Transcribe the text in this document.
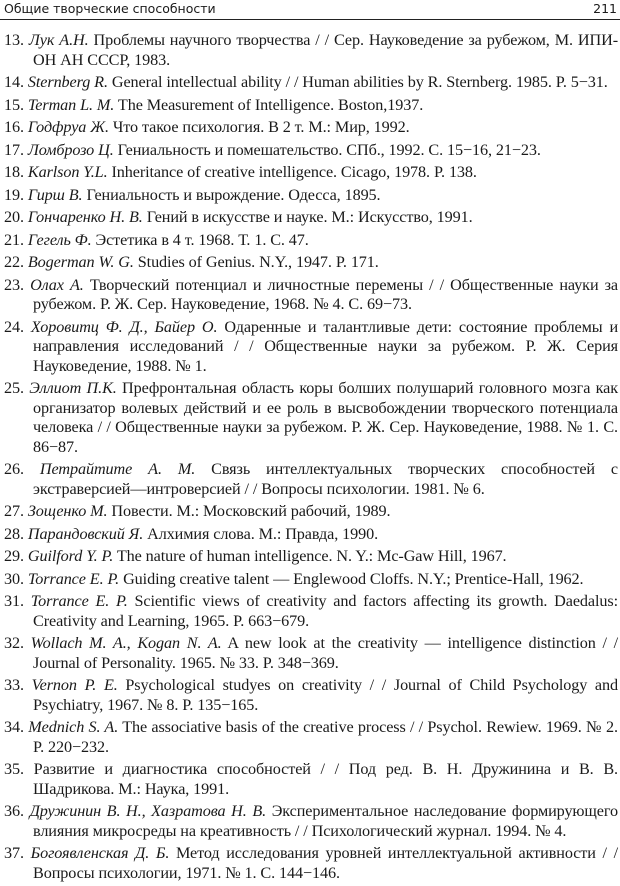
Общие творческие способности	211
13. Лук А.Н. Проблемы научного творчества / / Сер. Науковедение за рубежом, М. ИПИ-ОН АН СССР, 1983.
14. Sternberg R. General intellectual ability / / Human abilities by R. Sternberg. 1985. P. 5−31.
15. Terman L. M. The Measurement of Intelligence. Boston,1937.
16. Годфруа Ж. Что такое психология. В 2 т. М.: Мир, 1992.
17. Ломброзо Ц. Гениальность и помешательство. СПб., 1992. С. 15−16, 21−23.
18. Karlson Y.L. Inheritance of creative intelligence. Cicago, 1978. P. 138.
19. Гирш В. Гениальность и вырождение. Одесса, 1895.
20. Гончаренко Н. В. Гений в искусстве и науке. М.: Искусство, 1991.
21. Гегель Ф. Эстетика в 4 т. 1968. Т. 1. С. 47.
22. Bogerman W. G. Studies of Genius. N.Y., 1947. P. 171.
23. Олах А. Творческий потенциал и личностные перемены / / Общественные науки за рубежом. Р. Ж. Сер. Науковедение, 1968. № 4. С. 69−73.
24. Хоровитц Ф. Д., Байер О. Одаренные и талантливые дети: состояние проблемы и направления исследований / / Общественные науки за рубежом. Р. Ж. Серия Науковедение, 1988. № 1.
25. Эллиот П.К. Префронтальная область коры болших полушарий головного мозга как организатор волевых действий и ее роль в высвобождении творческого потенциала человека / / Общественные науки за рубежом. Р. Ж. Сер. Науковедение, 1988. № 1. С. 86−87.
26. Петрайтите А. М. Связь интеллектуальных творческих способностей с экстраверсией—интроверсией / / Вопросы психологии. 1981. № 6.
27. Зощенко М. Повести. М.: Московский рабочий, 1989.
28. Парандовский Я. Алхимия слова. М.: Правда, 1990.
29. Guilford Y. P. The nature of human intelligence. N. Y.: Mc-Gaw Hill, 1967.
30. Torrance E. P. Guiding creative talent — Englewood Cloffs. N.Y.; Prentice-Hall, 1962.
31. Torrance E. P. Scientific views of creativity and factors affecting its growth. Daedalus: Creativity and Learning, 1965. P. 663−679.
32. Wollach M. A., Kogan N. A. A new look at the creativity — intelligence distinction / / Journal of Personality. 1965. № 33. P. 348−369.
33. Vernon P. E. Psychological studyes on creativity / / Journal of Child Psychology and Psychiatry, 1967. № 8. P. 135−165.
34. Mednich S. A. The associative basis of the creative process / / Psychol. Rewiew. 1969. № 2. P. 220−232.
35. Развитие и диагностика способностей / / Под ред. В. Н. Дружинина и В. В. Шадрикова. М.: Наука, 1991.
36. Дружинин В. Н., Хазратова Н. В. Экспериментальное наследование формирующего влияния микросреды на креативность / / Психологический журнал. 1994. № 4.
37. Богоявленская Д. Б. Метод исследования уровней интеллектуальной активности / / Вопросы психологии, 1971. № 1. С. 144−146.
